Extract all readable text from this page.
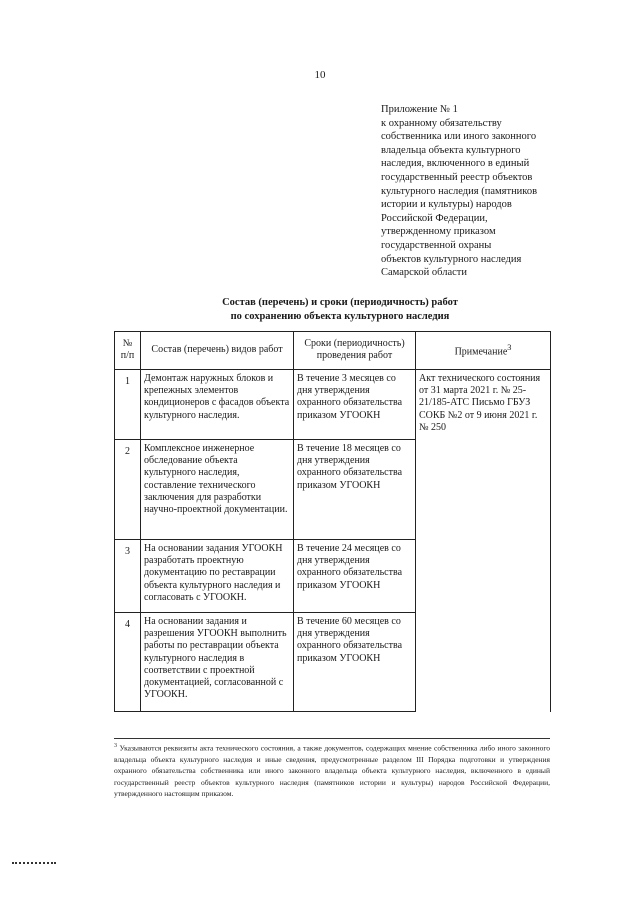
10
Приложение № 1
к охранному обязательству
собственника или иного законного
владельца объекта культурного
наследия, включенного в единый
государственный реестр объектов
культурного наследия (памятников
истории и культуры) народов
Российской Федерации,
утвержденному приказом
государственной охраны
объектов культурного наследия
Самарской области
Состав (перечень) и сроки (периодичность) работ
по сохранению объекта культурного наследия
№ п/п	Состав (перечень) видов работ	Сроки (периодичность) проведения работ	Примечание$^3$
1	Демонтаж наружных блоков и крепежных элементов кондиционеров с фасадов объекта культурного наследия.	В течение 3 месяцев со дня утверждения охранного обязательства приказом УГООКН	Акт технического состояния от 31 марта 2021 г. № 25-21/185-АТС Письмо ГБУЗ СОКБ №2 от 9 июня 2021 г. № 250
2	Комплексное инженерное обследование объекта культурного наследия, составление технического заключения для разработки научно-проектной документации.	В течение 18 месяцев со дня утверждения охранного обязательства приказом УГООКН	
3	На основании задания УГООКН разработать проектную документацию по реставрации объекта культурного наследия и согласовать с УГООКН.	В течение 24 месяцев со дня утверждения охранного обязательства приказом УГООКН	
4	На основании задания и разрешения УГООКН выполнить работы по реставрации объекта культурного наследия в соответствии с проектной документацией, согласованной с УГООКН.	В течение 60 месяцев со дня утверждения охранного обязательства приказом УГООКН	
$^3$ Указываются реквизиты акта технического состояния, а также документов, содержащих мнение собственника либо иного законного владельца объекта культурного наследия и иные сведения, предусмотренные разделом III Порядка подготовки и утверждения охранного обязательства собственника или иного законного владельца объекта культурного наследия, включенного в единый государственный реестр объектов культурного наследия (памятников истории и культуры) народов Российской Федерации, утвержденного настоящим приказом.
